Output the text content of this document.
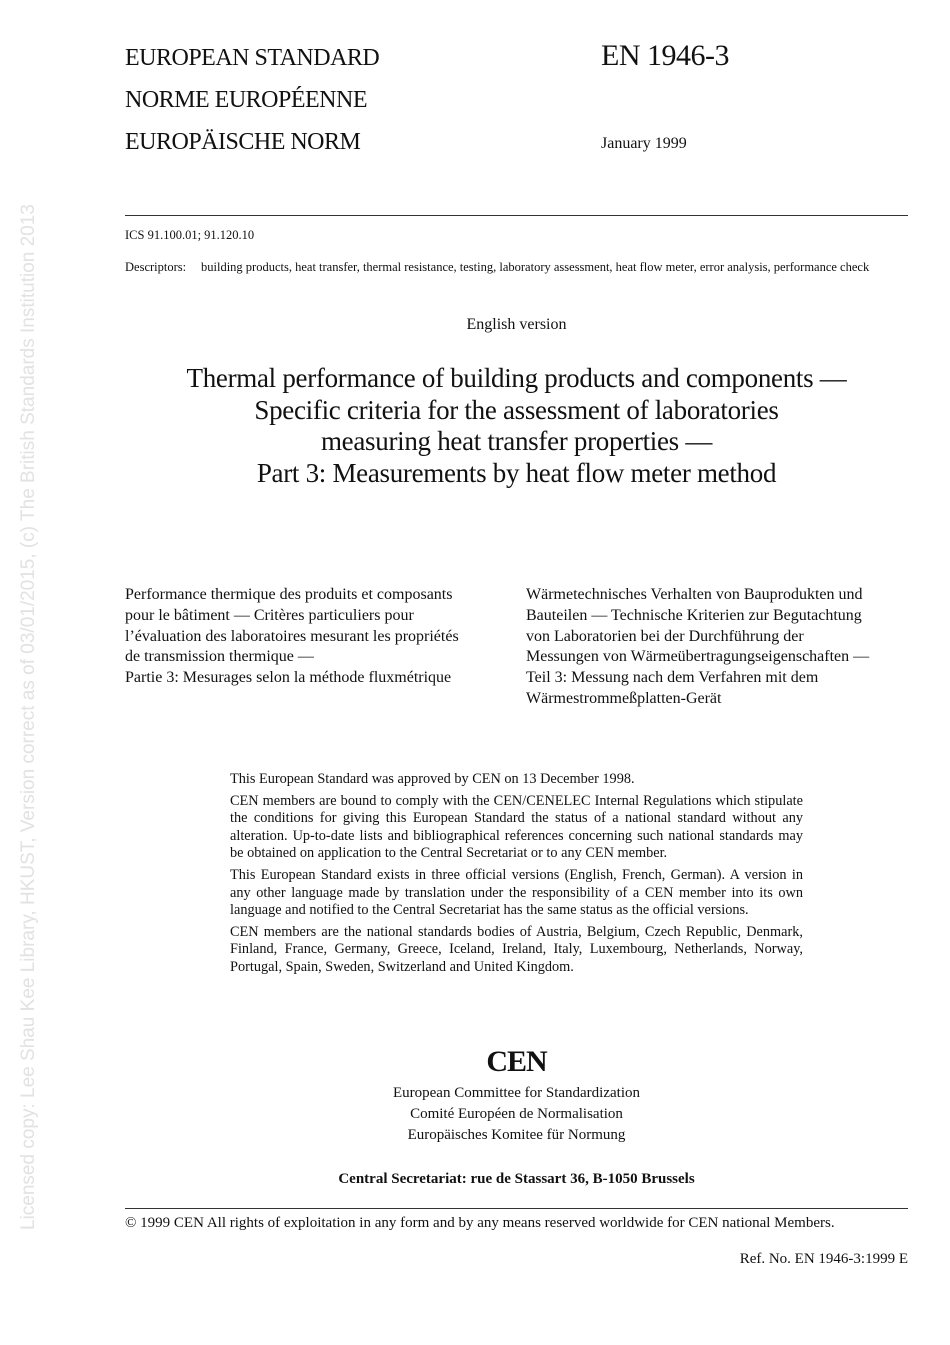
Licensed copy: Lee Shau Kee Library, HKUST, Version correct as of 03/01/2015, (c) The British Standards Institution 2013
EUROPEAN STANDARD
NORME EUROPÉENNE
EUROPÄISCHE NORM
EN 1946-3
January 1999
ICS 91.100.01; 91.120.10
Descriptors: building products, heat transfer, thermal resistance, testing, laboratory assessment, heat flow meter, error analysis, performance check
English version
Thermal performance of building products and components —
Specific criteria for the assessment of laboratories
measuring heat transfer properties —
Part 3: Measurements by heat flow meter method
Performance thermique des produits et composants
pour le bâtiment — Critères particuliers pour
l’évaluation des laboratoires mesurant les propriétés
de transmission thermique —
Partie 3: Mesurages selon la méthode fluxmétrique
Wärmetechnisches Verhalten von Bauprodukten und
Bauteilen — Technische Kriterien zur Begutachtung
von Laboratorien bei der Durchführung der
Messungen von Wärmeübertragungseigenschaften —
Teil 3: Messung nach dem Verfahren mit dem
Wärmestrommeßplatten-Gerät

This European Standard was approved by CEN on 13 December 1998.

CEN members are bound to comply with the CEN/CENELEC Internal Regulations which stipulate the conditions for giving this European Standard the status of a national standard without any alteration. Up-to-date lists and bibliographical references concerning such national standards may be obtained on application to the Central Secretariat or to any CEN member.

This European Standard exists in three official versions (English, French, German). A version in any other language made by translation under the responsibility of a CEN member into its own language and notified to the Central Secretariat has the same status as the official versions.

CEN members are the national standards bodies of Austria, Belgium, Czech Republic, Denmark, Finland, France, Germany, Greece, Iceland, Ireland, Italy, Luxembourg, Netherlands, Norway, Portugal, Spain, Sweden, Switzerland and United Kingdom.

CEN
European Committee for Standardization
Comité Européen de Normalisation
Europäisches Komitee für Normung
Central Secretariat: rue de Stassart 36, B-1050 Brussels
© 1999 CEN All rights of exploitation in any form and by any means reserved worldwide for CEN national Members.
Ref. No. EN 1946-3:1999 E
